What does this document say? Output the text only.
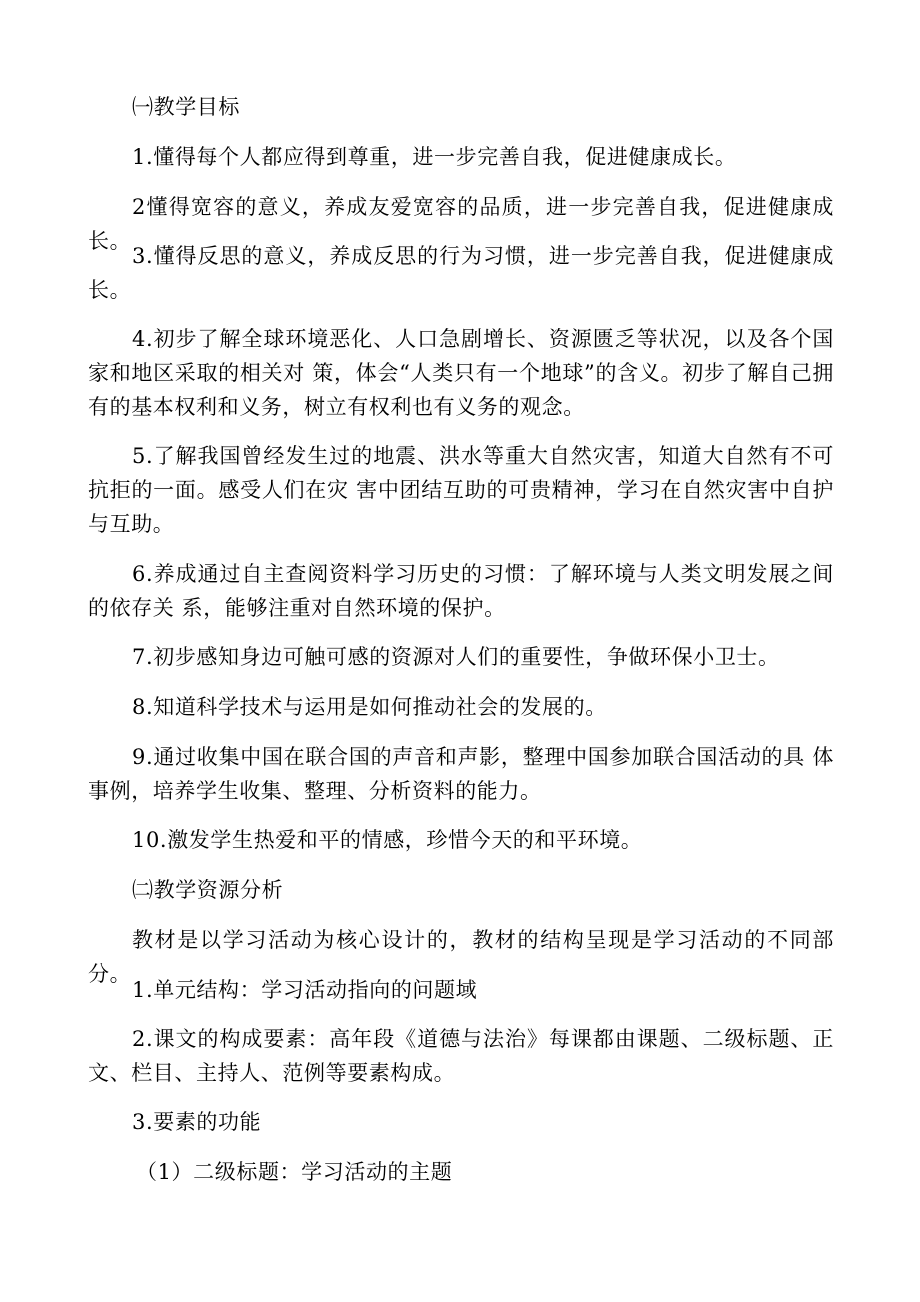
㈠教学目标

1.懂得每个人都应得到尊重，进一步完善自我，促进健康成长。

2懂得宽容的意义，养成友爱宽容的品质，进一步完善自我，促进健康成长。

3.懂得反思的意义，养成反思的行为习惯，进一步完善自我，促进健康成长。

4.初步了解全球环境恶化、人口急剧增长、资源匮乏等状况，以及各个国家和地区采取的相关对 策，体会“人类只有一个地球”的含义。初步了解自己拥有的基本权利和义务，树立有权利也有义务的观念。

5.了解我国曾经发生过的地震、洪水等重大自然灾害，知道大自然有不可抗拒的一面。感受人们在灾 害中团结互助的可贵精神，学习在自然灾害中自护与互助。

6.养成通过自主查阅资料学习历史的习惯：了解环境与人类文明发展之间的依存关 系，能够注重对自然环境的保护。

7.初步感知身边可触可感的资源对人们的重要性，争做环保小卫士。

8.知道科学技术与运用是如何推动社会的发展的。

9.通过收集中国在联合国的声音和声影，整理中国参加联合国活动的具 体事例，培养学生收集、整理、分析资料的能力。

10.激发学生热爱和平的情感，珍惜今天的和平环境。

㈡教学资源分析

教材是以学习活动为核心设计的，教材的结构呈现是学习活动的不同部分。

1.单元结构：学习活动指向的问题域

2.课文的构成要素：高年段《道德与法治》每课都由课题、二级标题、正文、栏目、主持人、范例等要素构成。

3.要素的功能

（1）二级标题：学习活动的主题
